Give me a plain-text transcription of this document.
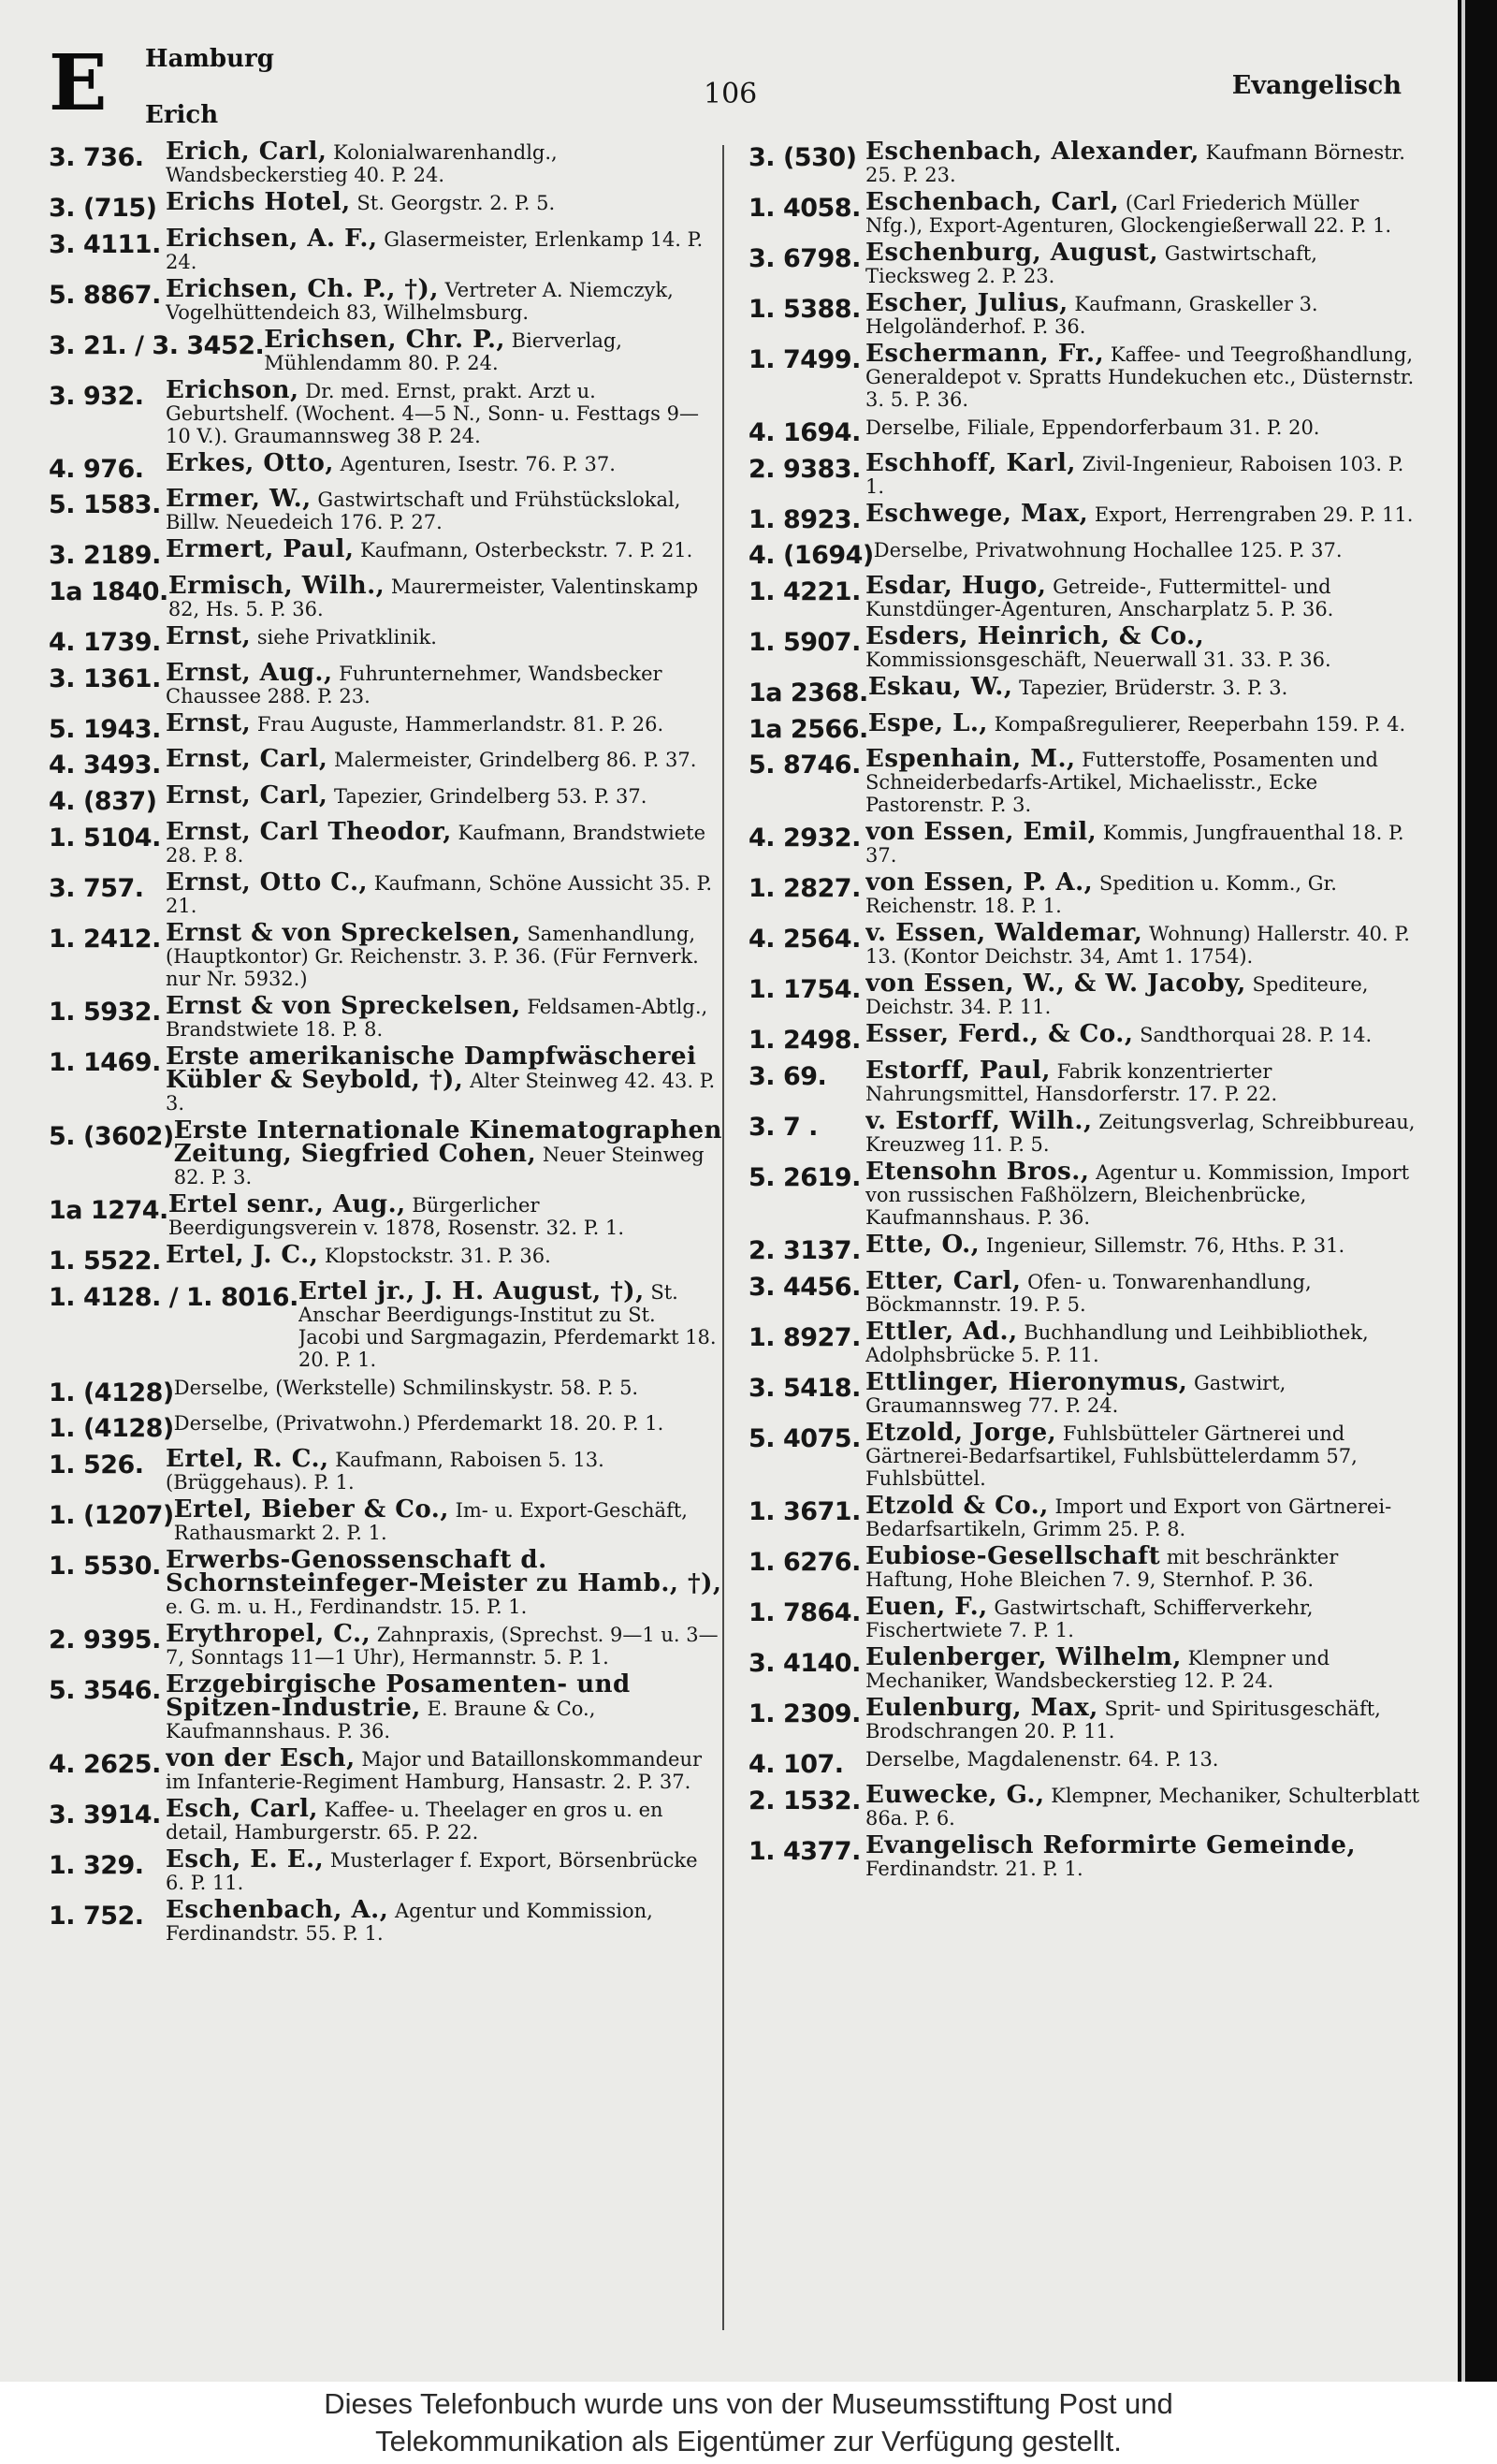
E Hamburg
Erich
106	Evangelisch
3. 736. Erich, Carl, Kolonialwarenhandlg., Wandsbeckerstieg 40. P. 24.
3. (715) Erichs Hotel, St. Georgstr. 2. P. 5.
3. 4111. Erichsen, A. F., Glasermeister, Erlenkamp 14. P. 24.
5. 8867. Erichsen, Ch. P., †), Vertreter A. Niemczyk, Vogelhüttendeich 83, Wilhelmsburg.
3. 21. / 3. 3452. Erichsen, Chr. P., Bierverlag, Mühlendamm 80. P. 24.
3. 932. Erichson, Dr. med. Ernst, prakt. Arzt u. Geburtshelf. (Wochent. 4—5 N., Sonn- u. Festtags 9—10 V.). Graumannsweg 38 P. 24.
4. 976. Erkes, Otto, Agenturen, Isestr. 76. P. 37.
5. 1583. Ermer, W., Gastwirtschaft und Frühstückslokal, Billw. Neuedeich 176. P. 27.
3. 2189. Ermert, Paul, Kaufmann, Osterbeckstr. 7. P. 21.
1a 1840. Ermisch, Wilh., Maurermeister, Valentinskamp 82, Hs. 5. P. 36.
4. 1739. Ernst, siehe Privatklinik.
3. 1361. Ernst, Aug., Fuhrunternehmer, Wandsbecker Chaussee 288. P. 23.
5. 1943. Ernst, Frau Auguste, Hammerlandstr. 81. P. 26.
4. 3493. Ernst, Carl, Malermeister, Grindelberg 86. P. 37.
4. (837) Ernst, Carl, Tapezier, Grindelberg 53. P. 37.
1. 5104. Ernst, Carl Theodor, Kaufmann, Brandstwiete 28. P. 8.
3. 757. Ernst, Otto C., Kaufmann, Schöne Aussicht 35. P. 21.
1. 2412. Ernst & von Spreckelsen, Samenhandlung, (Hauptkontor) Gr. Reichenstr. 3. P. 36. (Für Fernverk. nur Nr. 5932.)
1. 5932. Ernst & von Spreckelsen, Feldsamen-Abtlg., Brandstwiete 18. P. 8.
1. 1469. Erste amerikanische Dampfwäscherei Kübler & Seybold, †), Alter Steinweg 42. 43. P. 3.
5. (3602) Erste Internationale Kinematographen Zeitung, Siegfried Cohen, Neuer Steinweg 82. P. 3.
1a 1274. Ertel senr., Aug., Bürgerlicher Beerdigungsverein v. 1878, Rosenstr. 32. P. 1.
1. 5522. Ertel, J. C., Klopstockstr. 31. P. 36.
1. 4128. / 1. 8016. Ertel jr., J. H. August, †), St. Anschar Beerdigungs-Institut zu St. Jacobi und Sargmagazin, Pferdemarkt 18. 20. P. 1.
1. (4128) Derselbe, (Werkstelle) Schmilinskystr. 58. P. 5.
1. (4128) Derselbe, (Privatwohn.) Pferdemarkt 18. 20. P. 1.
1. 526. Ertel, R. C., Kaufmann, Raboisen 5. 13. (Brüggehaus). P. 1.
1. (1207) Ertel, Bieber & Co., Im- u. Export-Geschäft, Rathausmarkt 2. P. 1.
1. 5530. Erwerbs-Genossenschaft d. Schornsteinfeger-Meister zu Hamb., †), e. G. m. u. H., Ferdinandstr. 15. P. 1.
2. 9395. Erythropel, C., Zahnpraxis, (Sprechst. 9—1 u. 3—7, Sonntags 11—1 Uhr), Hermannstr. 5. P. 1.
5. 3546. Erzgebirgische Posamenten- und Spitzen-Industrie, E. Braune & Co., Kaufmannshaus. P. 36.
4. 2625. von der Esch, Major und Bataillonskommandeur im Infanterie-Regiment Hamburg, Hansastr. 2. P. 37.
3. 3914. Esch, Carl, Kaffee- u. Theelager en gros u. en detail, Hamburgerstr. 65. P. 22.
1. 329. Esch, E. E., Musterlager f. Export, Börsenbrücke 6. P. 11.
1. 752. Eschenbach, A., Agentur und Kommission, Ferdinandstr. 55. P. 1.
3. (530) Eschenbach, Alexander, Kaufmann Börnestr. 25. P. 23.
1. 4058. Eschenbach, Carl, (Carl Friederich Müller Nfg.), Export-Agenturen, Glockengießerwall 22. P. 1.
3. 6798. Eschenburg, August, Gastwirtschaft, Tiecksweg 2. P. 23.
1. 5388. Escher, Julius, Kaufmann, Graskeller 3. Helgoländerhof. P. 36.
1. 7499. Eschermann, Fr., Kaffee- und Teegroßhandlung, Generaldepot v. Spratts Hundekuchen etc., Düsternstr. 3. 5. P. 36.
4. 1694. Derselbe, Filiale, Eppendorferbaum 31. P. 20.
2. 9383. Eschhoff, Karl, Zivil-Ingenieur, Raboisen 103. P. 1.
1. 8923. Eschwege, Max, Export, Herrengraben 29. P. 11.
4. (1694) Derselbe, Privatwohnung Hochallee 125. P. 37.
1. 4221. Esdar, Hugo, Getreide-, Futtermittel- und Kunstdünger-Agenturen, Anscharplatz 5. P. 36.
1. 5907. Esders, Heinrich, & Co., Kommissionsgeschäft, Neuerwall 31. 33. P. 36.
1a 2368. Eskau, W., Tapezier, Brüderstr. 3. P. 3.
1a 2566. Espe, L., Kompaßregulierer, Reeperbahn 159. P. 4.
5. 8746. Espenhain, M., Futterstoffe, Posamenten und Schneiderbedarfs-Artikel, Michaelisstr., Ecke Pastorenstr. P. 3.
4. 2932. von Essen, Emil, Kommis, Jungfrauenthal 18. P. 37.
1. 2827. von Essen, P. A., Spedition u. Komm., Gr. Reichenstr. 18. P. 1.
4. 2564. v. Essen, Waldemar, Wohnung) Hallerstr. 40. P. 13. (Kontor Deichstr. 34, Amt 1. 1754).
1. 1754. von Essen, W., & W. Jacoby, Spediteure, Deichstr. 34. P. 11.
1. 2498. Esser, Ferd., & Co., Sandthorquai 28. P. 14.
3. 69.	Estorff, Paul, Fabrik konzentrierter Nahrungsmittel, Hansdorferstr. 17. P. 22.
3. 7 .	v. Estorff, Wilh., Zeitungsverlag, Schreibbureau, Kreuzweg 11. P. 5.
5. 2619. Etensohn Bros., Agentur u. Kommission, Import von russischen Faßhölzern, Bleichenbrücke, Kaufmannshaus. P. 36.
2. 3137. Ette, O., Ingenieur, Sillemstr. 76, Hths. P. 31.
3. 4456. Etter, Carl, Ofen- u. Tonwarenhandlung, Böckmannstr. 19. P. 5.
1. 8927. Ettler, Ad., Buchhandlung und Leihbibliothek, Adolphsbrücke 5. P. 11.
3. 5418. Ettlinger, Hieronymus, Gastwirt, Graumannsweg 77. P. 24.
5. 4075. Etzold, Jorge, Fuhlsbütteler Gärtnerei und Gärtnerei-Bedarfsartikel, Fuhlsbüttelerdamm 57, Fuhlsbüttel.
1. 3671. Etzold & Co., Import und Export von Gärtnerei-Bedarfsartikeln, Grimm 25. P. 8.
1. 6276. Eubiose-Gesellschaft mit beschränkter Haftung, Hohe Bleichen 7. 9, Sternhof. P. 36.
1. 7864. Euen, F., Gastwirtschaft, Schifferverkehr, Fischertwiete 7. P. 1.
3. 4140. Eulenberger, Wilhelm, Klempner und Mechaniker, Wandsbeckerstieg 12. P. 24.
1. 2309. Eulenburg, Max, Sprit- und Spiritusgeschäft, Brodschrangen 20. P. 11.
4. 107.	Derselbe, Magdalenenstr. 64. P. 13.
2. 1532. Euwecke, G., Klempner, Mechaniker, Schulterblatt 86a. P. 6.
1. 4377. Evangelisch Reformirte Gemeinde, Ferdinandstr. 21. P. 1.
Dieses Telefonbuch wurde uns von der Museumsstiftung Post und
Telekommunikation als Eigentümer zur Verfügung gestellt.
